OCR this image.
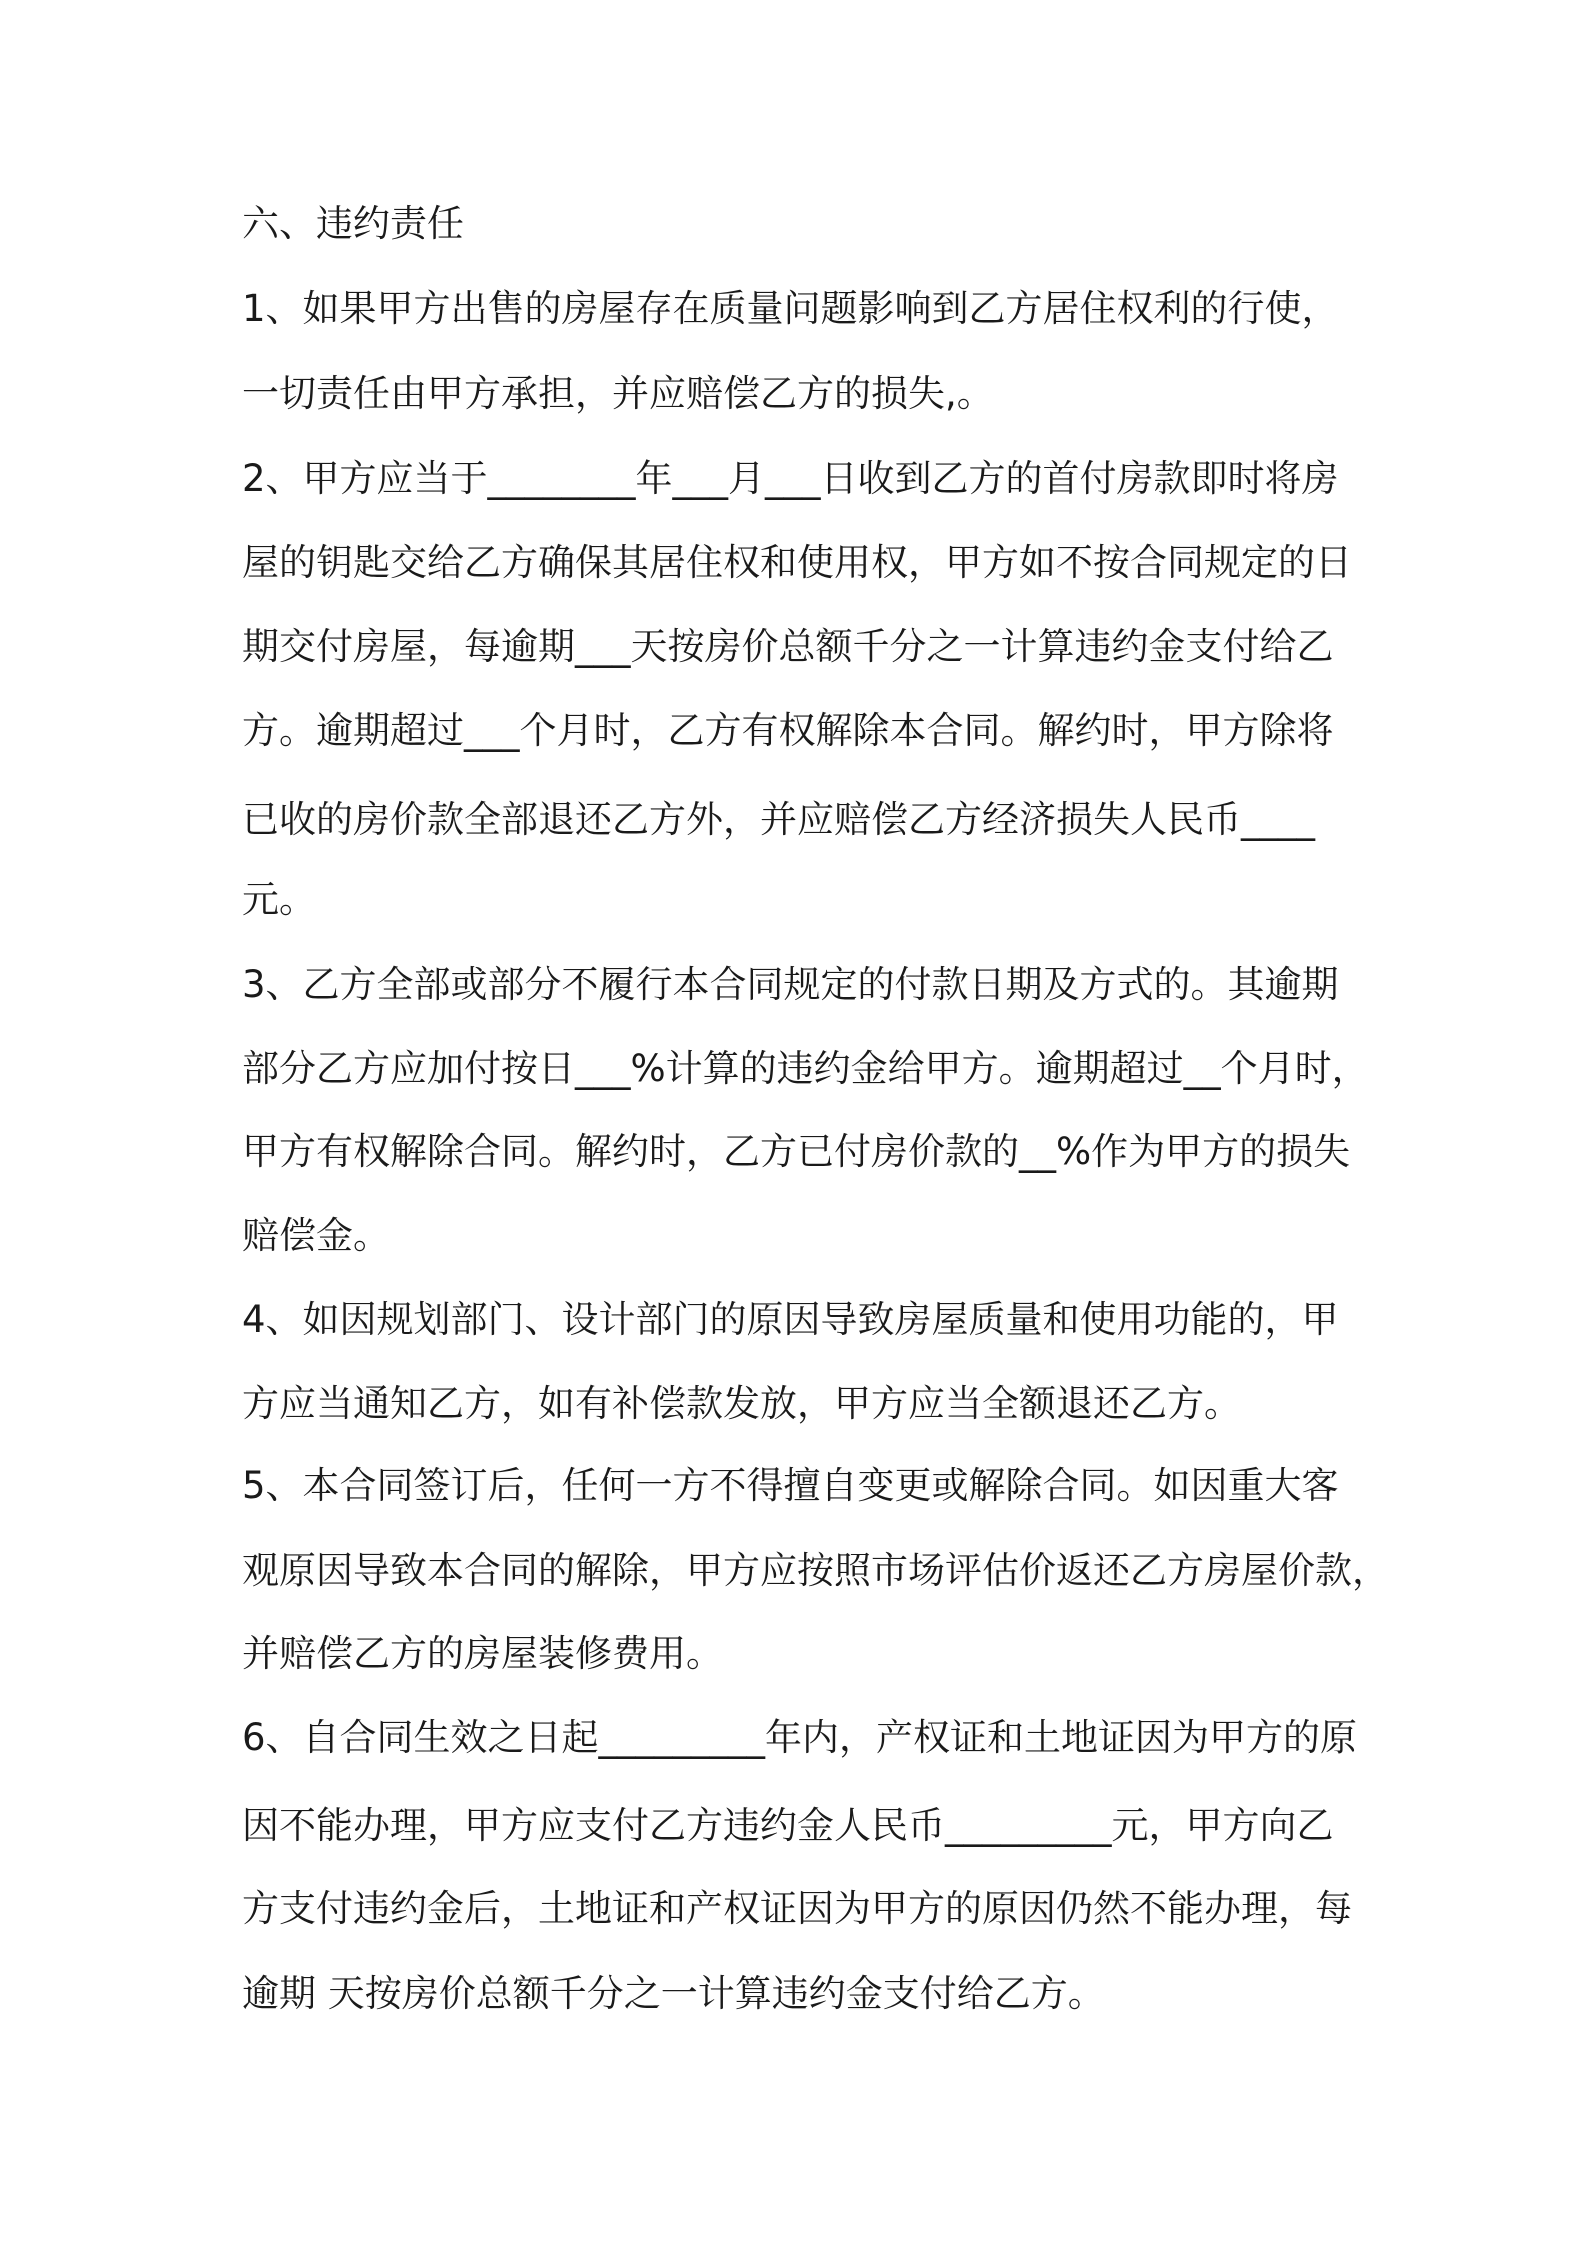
六、违约责任

1、如果甲方出售的房屋存在质量问题影响到乙方居住权利的行使，

一切责任由甲方承担，并应赔偿乙方的损失,。

2、甲方应当于________年___月___日收到乙方的首付房款即时将房

屋的钥匙交给乙方确保其居住权和使用权，甲方如不按合同规定的日

期交付房屋，每逾期___天按房价总额千分之一计算违约金支付给乙

方。逾期超过___个月时，乙方有权解除本合同。解约时，甲方除将

已收的房价款全部退还乙方外，并应赔偿乙方经济损失人民币____

元。

3、乙方全部或部分不履行本合同规定的付款日期及方式的。其逾期

部分乙方应加付按日___%计算的违约金给甲方。逾期超过__个月时，

甲方有权解除合同。解约时，乙方已付房价款的__%作为甲方的损失

赔偿金。

4、如因规划部门、设计部门的原因导致房屋质量和使用功能的，甲

方应当通知乙方，如有补偿款发放，甲方应当全额退还乙方。

5、本合同签订后，任何一方不得擅自变更或解除合同。如因重大客

观原因导致本合同的解除，甲方应按照市场评估价返还乙方房屋价款，

并赔偿乙方的房屋装修费用。

6、自合同生效之日起_________年内，产权证和土地证因为甲方的原

因不能办理，甲方应支付乙方违约金人民币_________元，甲方向乙

方支付违约金后，土地证和产权证因为甲方的原因仍然不能办理，每

逾期 天按房价总额千分之一计算违约金支付给乙方。
